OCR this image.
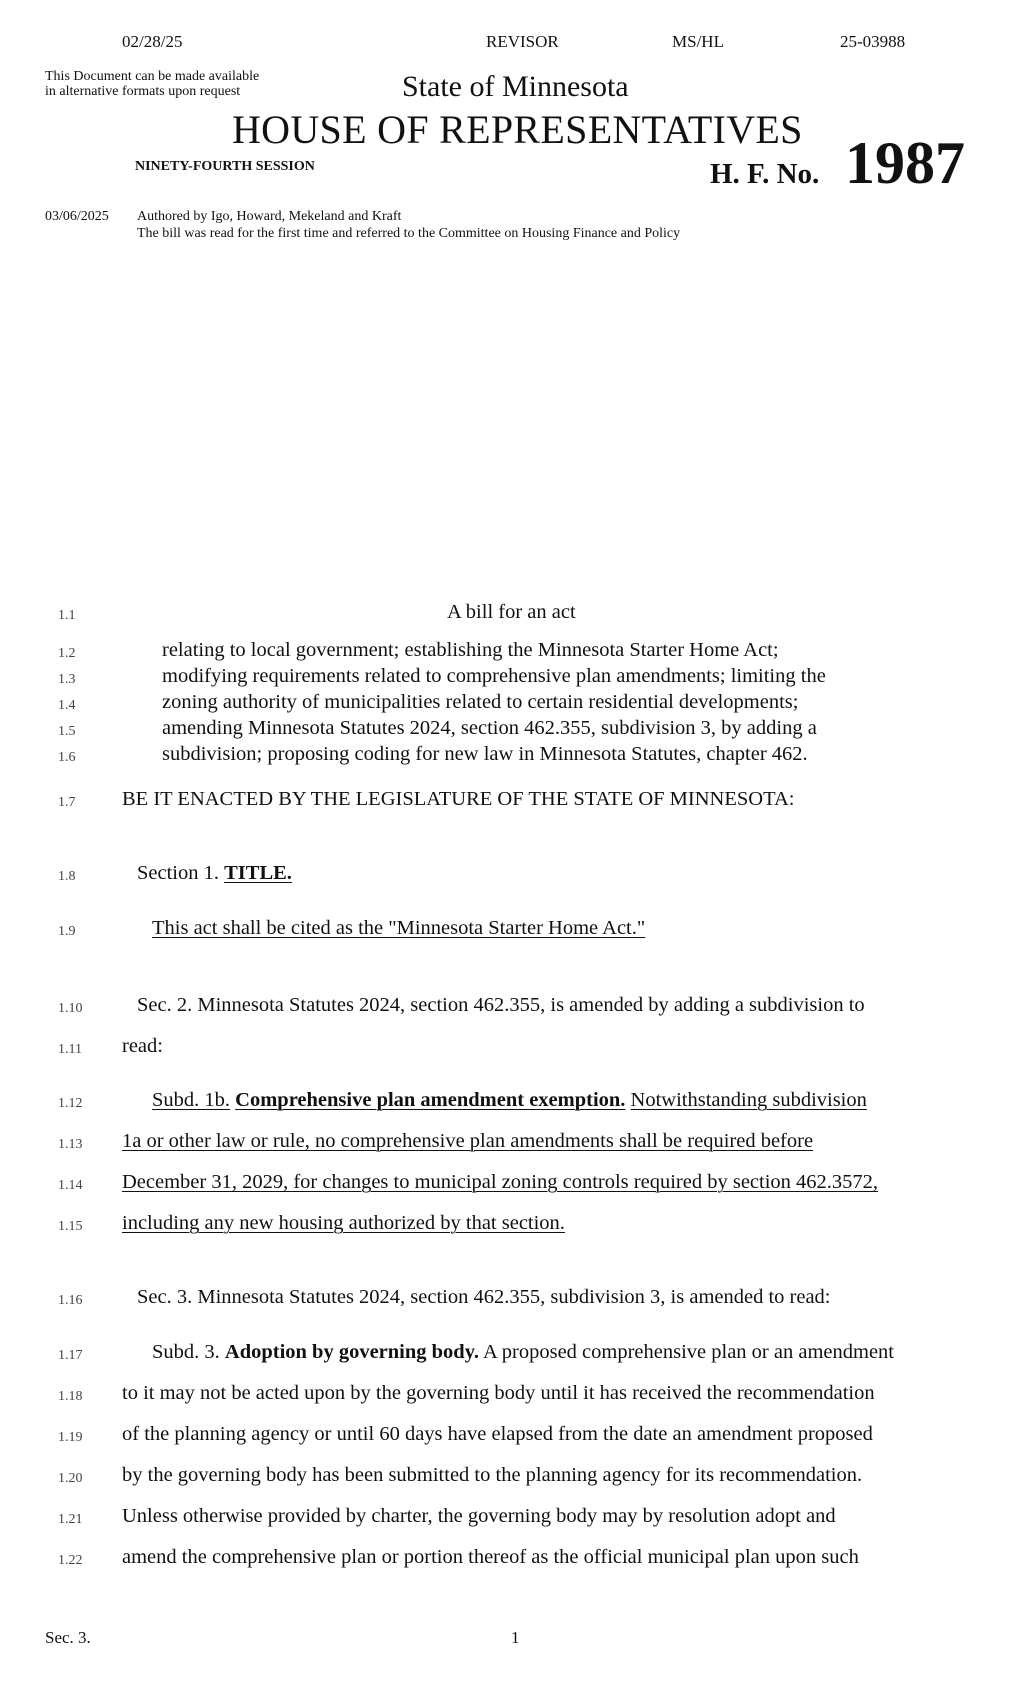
02/28/25	REVISOR	MS/HL	25-03988
This Document can be made available
in alternative formats upon request	State of Minnesota
HOUSE OF REPRESENTATIVES
NINETY-FOURTH SESSION	H. F. No. 1987
03/06/2025 Authored by Igo, Howard, Mekeland and Kraft
The bill was read for the first time and referred to the Committee on Housing Finance and Policy
1.1	A bill for an act
1.2	relating to local government; establishing the Minnesota Starter Home Act;
1.3	modifying requirements related to comprehensive plan amendments; limiting the
1.4	zoning authority of municipalities related to certain residential developments;
1.5	amending Minnesota Statutes 2024, section 462.355, subdivision 3, by adding a
1.6	subdivision; proposing coding for new law in Minnesota Statutes, chapter 462.
1.7	BE IT ENACTED BY THE LEGISLATURE OF THE STATE OF MINNESOTA:
1.8	Section 1. TITLE.
1.9	This act shall be cited as the "Minnesota Starter Home Act."
1.10	Sec. 2. Minnesota Statutes 2024, section 462.355, is amended by adding a subdivision to
1.11	read:
1.12	Subd. 1b. Comprehensive plan amendment exemption. Notwithstanding subdivision
1.13	1a or other law or rule, no comprehensive plan amendments shall be required before
1.14	December 31, 2029, for changes to municipal zoning controls required by section 462.3572,
1.15	including any new housing authorized by that section.
1.16	Sec. 3. Minnesota Statutes 2024, section 462.355, subdivision 3, is amended to read:
1.17	Subd. 3. Adoption by governing body. A proposed comprehensive plan or an amendment
1.18	to it may not be acted upon by the governing body until it has received the recommendation
1.19	of the planning agency or until 60 days have elapsed from the date an amendment proposed
1.20	by the governing body has been submitted to the planning agency for its recommendation.
1.21	Unless otherwise provided by charter, the governing body may by resolution adopt and
1.22	amend the comprehensive plan or portion thereof as the official municipal plan upon such
Sec. 3.	1
